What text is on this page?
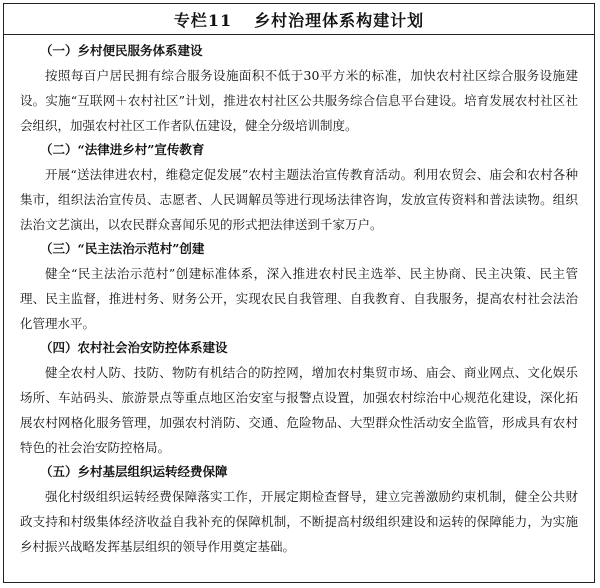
专栏11 乡村治理体系构建计划
（一）乡村便民服务体系建设

按照每百户居民拥有综合服务设施面积不低于30平方米的标准，加快农村社区综合服务设施建设。实施“互联网＋农村社区”计划，推进农村社区公共服务综合信息平台建设。培育发展农村社区社会组织，加强农村社区工作者队伍建设，健全分级培训制度。

（二）“法律进乡村”宣传教育

开展“送法律进农村，维稳定促发展”农村主题法治宣传教育活动。利用农贸会、庙会和农村各种集市，组织法治宣传员、志愿者、人民调解员等进行现场法律咨询，发放宣传资料和普法读物。组织法治文艺演出，以农民群众喜闻乐见的形式把法律送到千家万户。

（三）“民主法治示范村”创建

健全“民主法治示范村”创建标准体系，深入推进农村民主选举、民主协商、民主决策、民主管理、民主监督，推进村务、财务公开，实现农民自我管理、自我教育、自我服务，提高农村社会法治化管理水平。

（四）农村社会治安防控体系建设

健全农村人防、技防、物防有机结合的防控网，增加农村集贸市场、庙会、商业网点、文化娱乐场所、车站码头、旅游景点等重点地区治安室与报警点设置，加强农村综治中心规范化建设，深化拓展农村网格化服务管理，加强农村消防、交通、危险物品、大型群众性活动安全监管，形成具有农村特色的社会治安防控格局。

（五）乡村基层组织运转经费保障

强化村级组织运转经费保障落实工作，开展定期检查督导，建立完善激励约束机制，健全公共财政支持和村级集体经济收益自我补充的保障机制，不断提高村级组织建设和运转的保障能力，为实施乡村振兴战略发挥基层组织的领导作用奠定基础。
